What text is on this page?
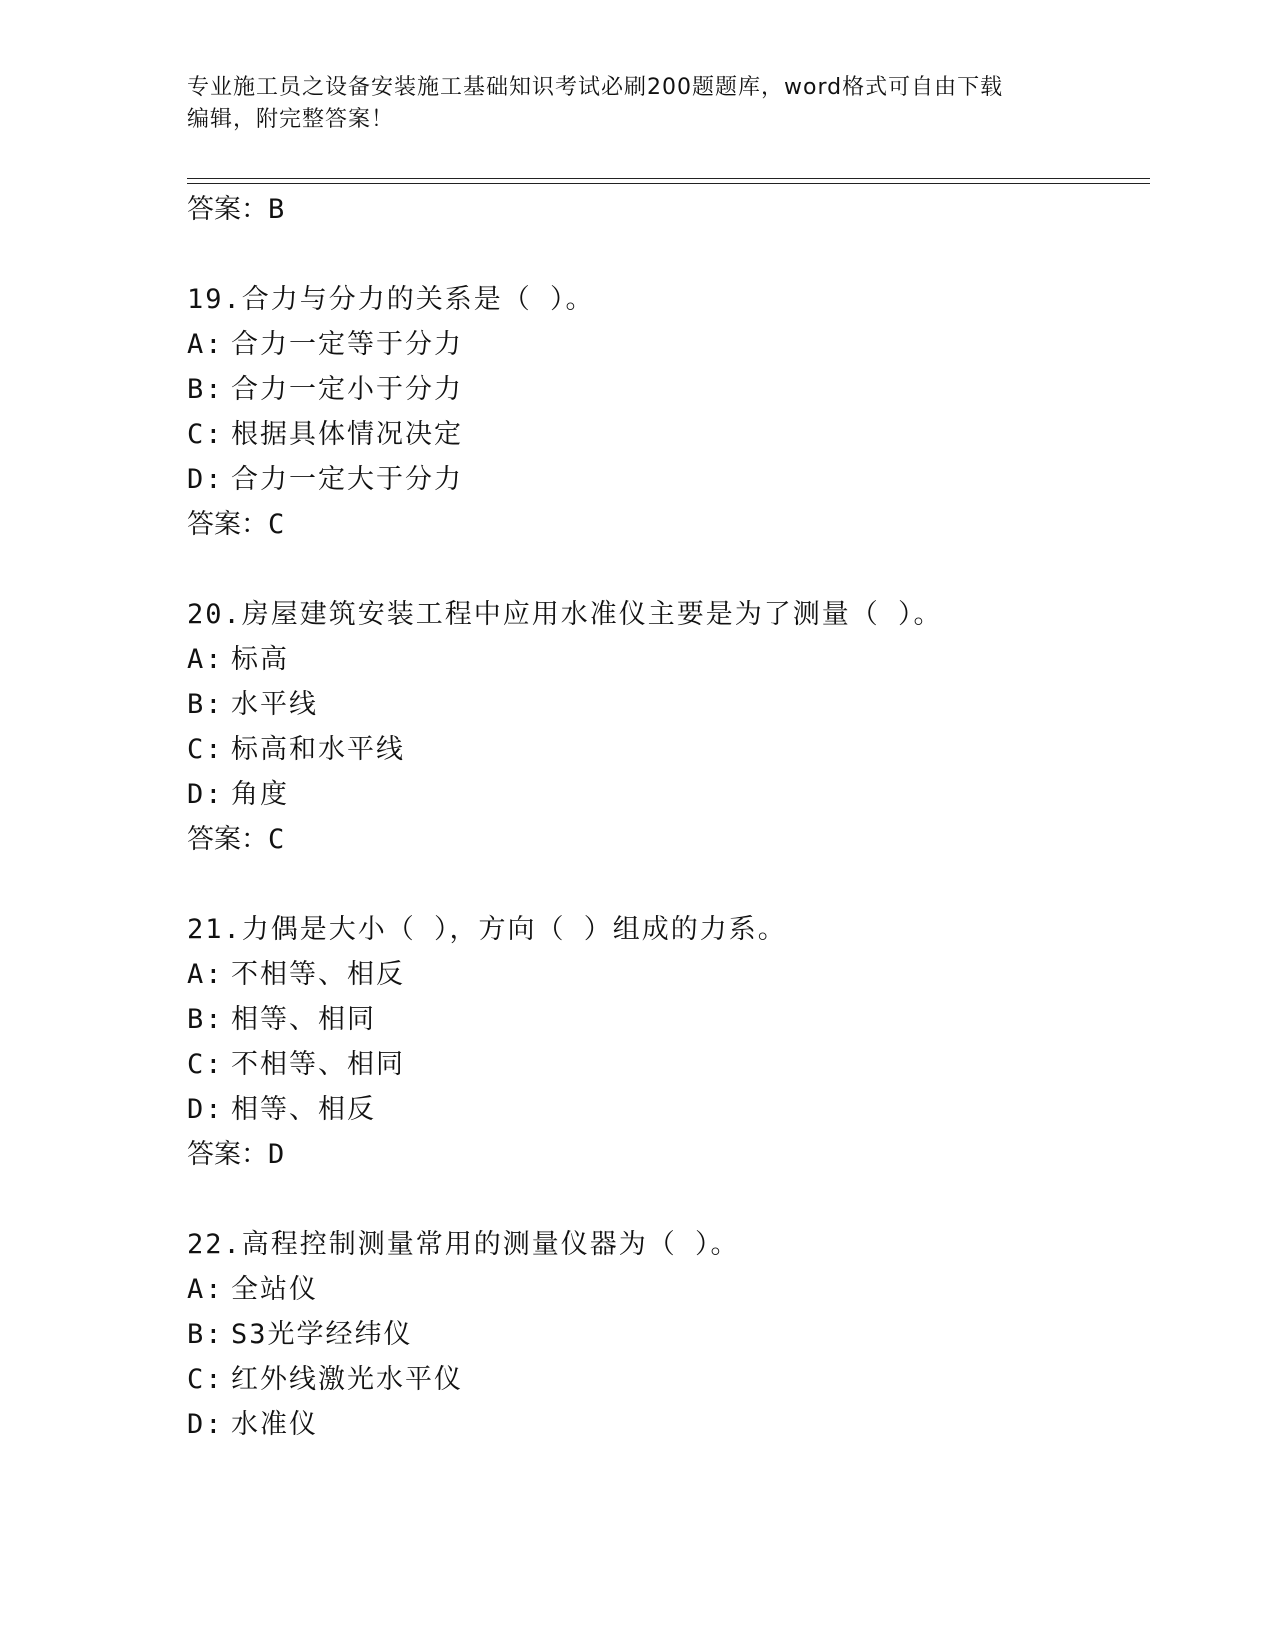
专业施工员之设备安装施工基础知识考试必刷200题题库，word格式可自由下载
编辑，附完整答案！
答案：B
19.合力与分力的关系是（ ）。
A: 合力一定等于分力
B: 合力一定小于分力
C: 根据具体情况决定
D: 合力一定大于分力
答案：C
20.房屋建筑安装工程中应用水准仪主要是为了测量（ ）。
A: 标高
B: 水平线
C: 标高和水平线
D: 角度
答案：C
21.力偶是大小（ ），方向（ ）组成的力系。
A: 不相等、相反
B: 相等、相同
C: 不相等、相同
D: 相等、相反
答案：D
22.高程控制测量常用的测量仪器为（ ）。
A: 全站仪
B: S3光学经纬仪
C: 红外线激光水平仪
D: 水准仪
